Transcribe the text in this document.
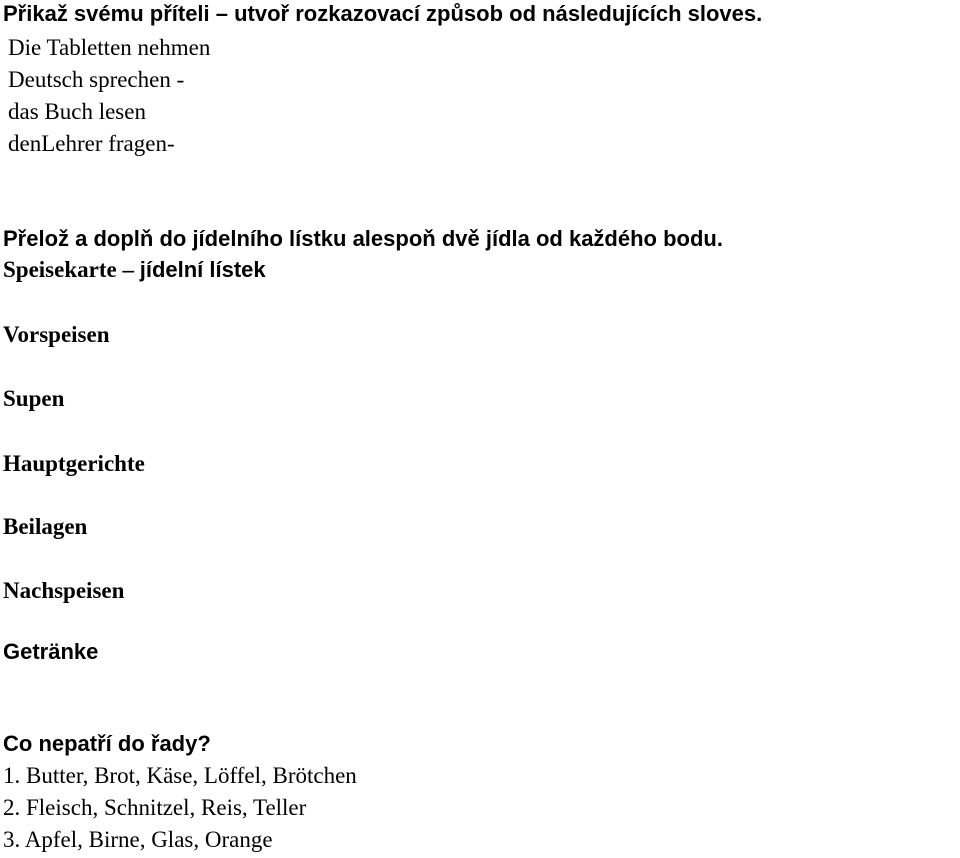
Přikaž svému příteli – utvoř rozkazovací způsob od následujících sloves.
Die Tabletten nehmen
Deutsch sprechen -
das Buch lesen
denLehrer fragen-
Přelož a doplň do jídelního lístku alespoň dvě jídla od každého bodu.
Speisekarte – jídelní lístek
Vorspeisen
Supen
Hauptgerichte
Beilagen
Nachspeisen
Getränke
Co nepatří do řady?
1. Butter, Brot, Käse, Löffel, Brötchen
2. Fleisch, Schnitzel, Reis, Teller
3. Apfel, Birne, Glas, Orange
